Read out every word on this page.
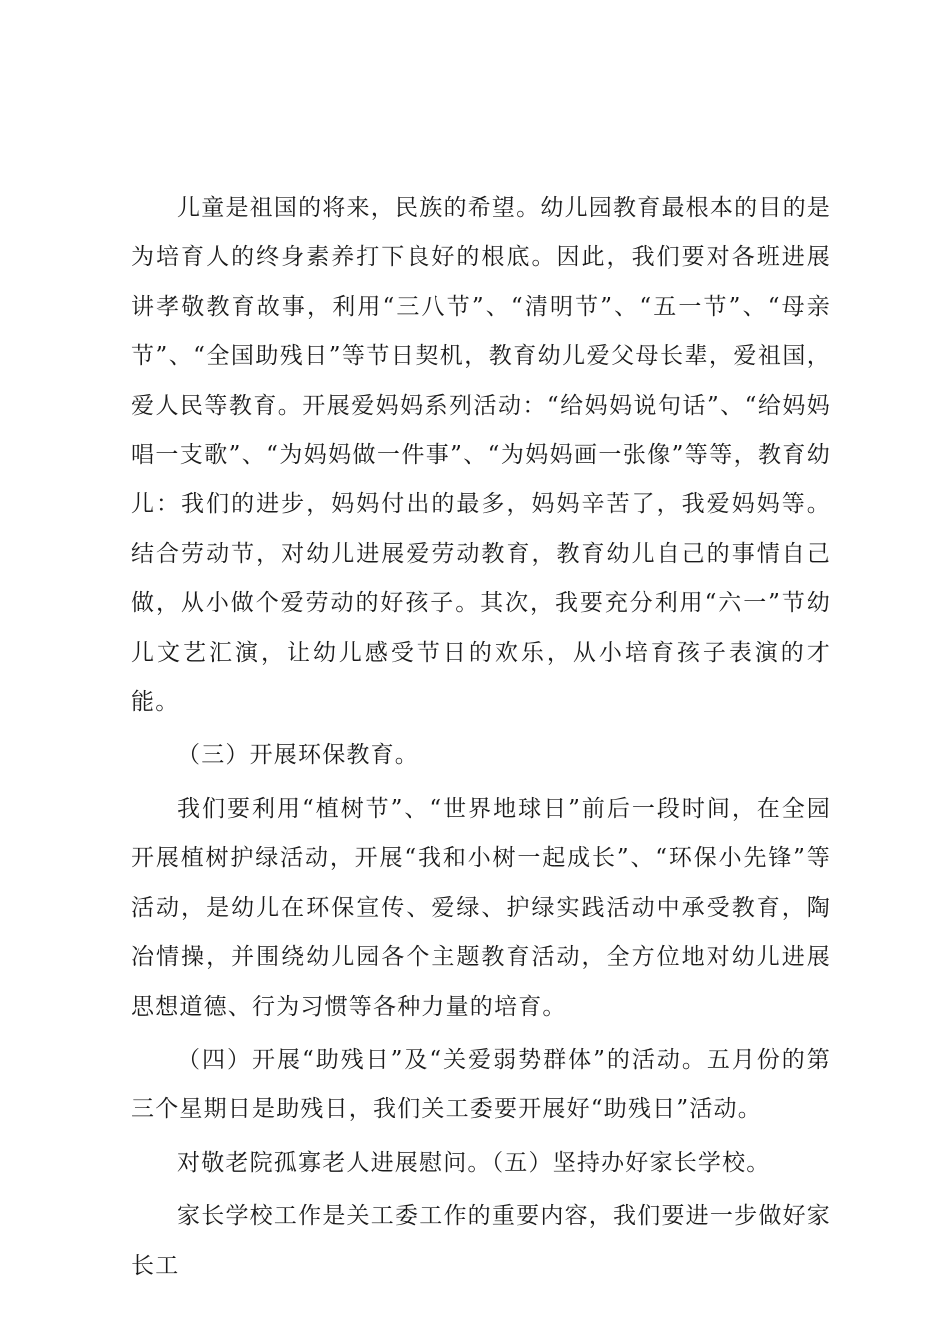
儿童是祖国的将来，民族的希望。幼儿园教育最根本的目的是为培育人的终身素养打下良好的根底。因此，我们要对各班进展讲孝敬教育故事，利用“三八节”、“清明节”、“五一节”、“母亲节”、“全国助残日”等节日契机，教育幼儿爱父母长辈，爱祖国，爱人民等教育。开展爱妈妈系列活动：“给妈妈说句话”、“给妈妈唱一支歌”、“为妈妈做一件事”、“为妈妈画一张像”等等，教育幼儿：我们的进步，妈妈付出的最多，妈妈辛苦了，我爱妈妈等。结合劳动节，对幼儿进展爱劳动教育，教育幼儿自己的事情自己做，从小做个爱劳动的好孩子。其次，我要充分利用“六一”节幼儿文艺汇演，让幼儿感受节日的欢乐，从小培育孩子表演的才能。

（三）开展环保教育。

我们要利用“植树节”、“世界地球日”前后一段时间，在全园开展植树护绿活动，开展“我和小树一起成长”、“环保小先锋”等活动，是幼儿在环保宣传、爱绿、护绿实践活动中承受教育，陶冶情操，并围绕幼儿园各个主题教育活动，全方位地对幼儿进展思想道德、行为习惯等各种力量的培育。

（四）开展“助残日”及“关爱弱势群体”的活动。五月份的第三个星期日是助残日，我们关工委要开展好“助残日”活动。

对敬老院孤寡老人进展慰问。（五）坚持办好家长学校。

家长学校工作是关工委工作的重要内容，我们要进一步做好家长工
